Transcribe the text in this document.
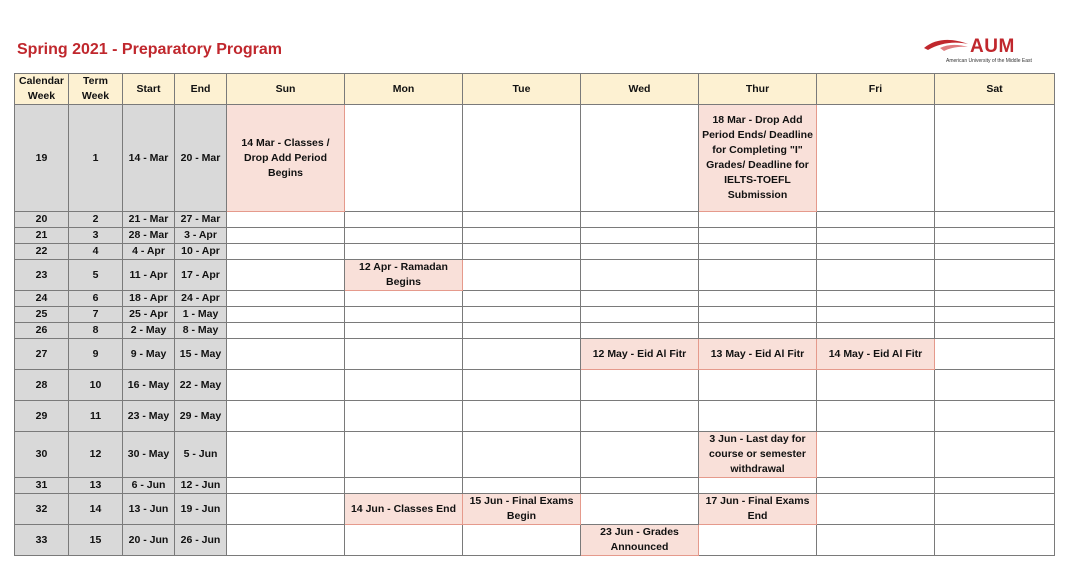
Spring 2021 - Preparatory Program	AUM
American University of the Middle East
Calendar Week	Term Week	Start	End	Sun	Mon	Tue	Wed	Thur	Fri	Sat
19	1	14 - Mar	20 - Mar	14 Mar - Classes / Drop Add Period Begins				18 Mar - Drop Add Period Ends/ Deadline for Completing "I" Grades/ Deadline for IELTS-TOEFL Submission		
20	2	21 - Mar	27 - Mar							
21	3	28 - Mar	3 - Apr							
22	4	4 - Apr	10 - Apr							
23	5	11 - Apr	17 - Apr		12 Apr - Ramadan Begins					
24	6	18 - Apr	24 - Apr							
25	7	25 - Apr	1 - May							
26	8	2 - May	8 - May							
27	9	9 - May	15 - May				12 May - Eid Al Fitr	13 May - Eid Al Fitr	14 May - Eid Al Fitr	
28	10	16 - May	22 - May							
29	11	23 - May	29 - May							
30	12	30 - May	5 - Jun					3 Jun - Last day for course or semester withdrawal		
31	13	6 - Jun	12 - Jun							
32	14	13 - Jun	19 - Jun		14 Jun - Classes End	15 Jun - Final Exams Begin		17 Jun - Final Exams End		
33	15	20 - Jun	26 - Jun				23 Jun - Grades Announced			
